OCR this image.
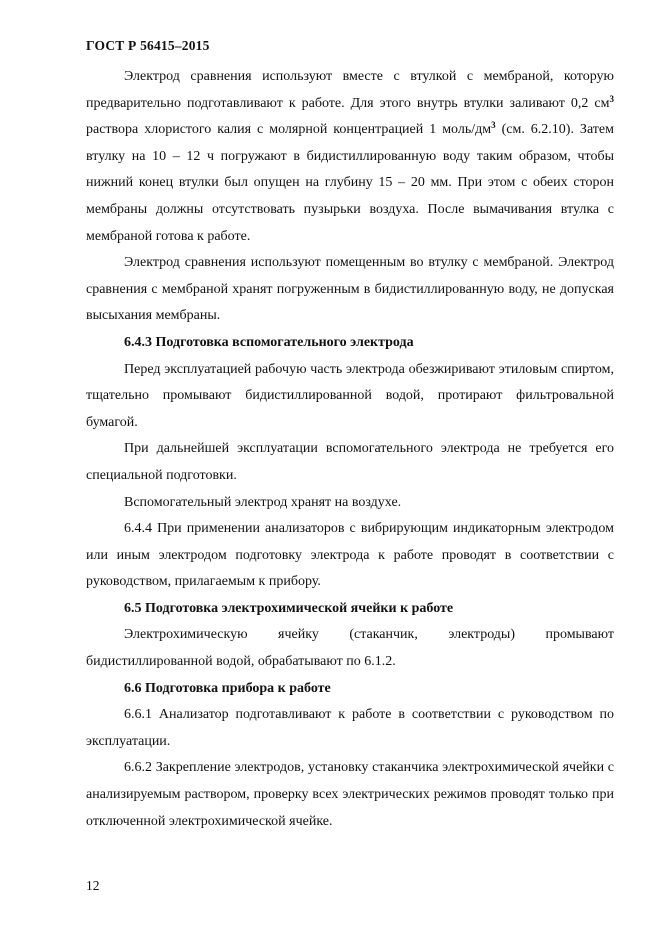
ГОСТ Р 56415–2015

Электрод сравнения используют вместе с втулкой с мембраной, которую предварительно подготавливают к работе. Для этого внутрь втулки заливают 0,2 $см^3$ раствора хлористого калия с молярной концентрацией 1 моль/$дм^3$ (см. 6.2.10). Затем втулку на 10 – 12 ч погружают в бидистиллированную воду таким образом, чтобы нижний конец втулки был опущен на глубину 15 – 20 мм. При этом с обеих сторон мембраны должны отсутствовать пузырьки воздуха. После вымачивания втулка с мембраной готова к работе.

Электрод сравнения используют помещенным во втулку с мембраной. Электрод сравнения с мембраной хранят погруженным в бидистиллированную воду, не допуская высыхания мембраны.

6.4.3 Подготовка вспомогательного электрода

Перед эксплуатацией рабочую часть электрода обезжиривают этиловым спиртом, тщательно промывают бидистиллированной водой, протирают фильтровальной бумагой.

При дальнейшей эксплуатации вспомогательного электрода не требуется его специальной подготовки.

Вспомогательный электрод хранят на воздухе.

6.4.4 При применении анализаторов с вибрирующим индикаторным электродом или иным электродом подготовку электрода к работе проводят в соответствии с руководством, прилагаемым к прибору.

6.5 Подготовка электрохимической ячейки к работе

Электрохимическую ячейку (стаканчик, электроды) промывают бидистиллированной водой, обрабатывают по 6.1.2.

6.6 Подготовка прибора к работе

6.6.1 Анализатор подготавливают к работе в соответствии с руководством по эксплуатации.

6.6.2 Закрепление электродов, установку стаканчика электрохимической ячейки с анализируемым раствором, проверку всех электрических режимов проводят только при отключенной электрохимической ячейке.

12
